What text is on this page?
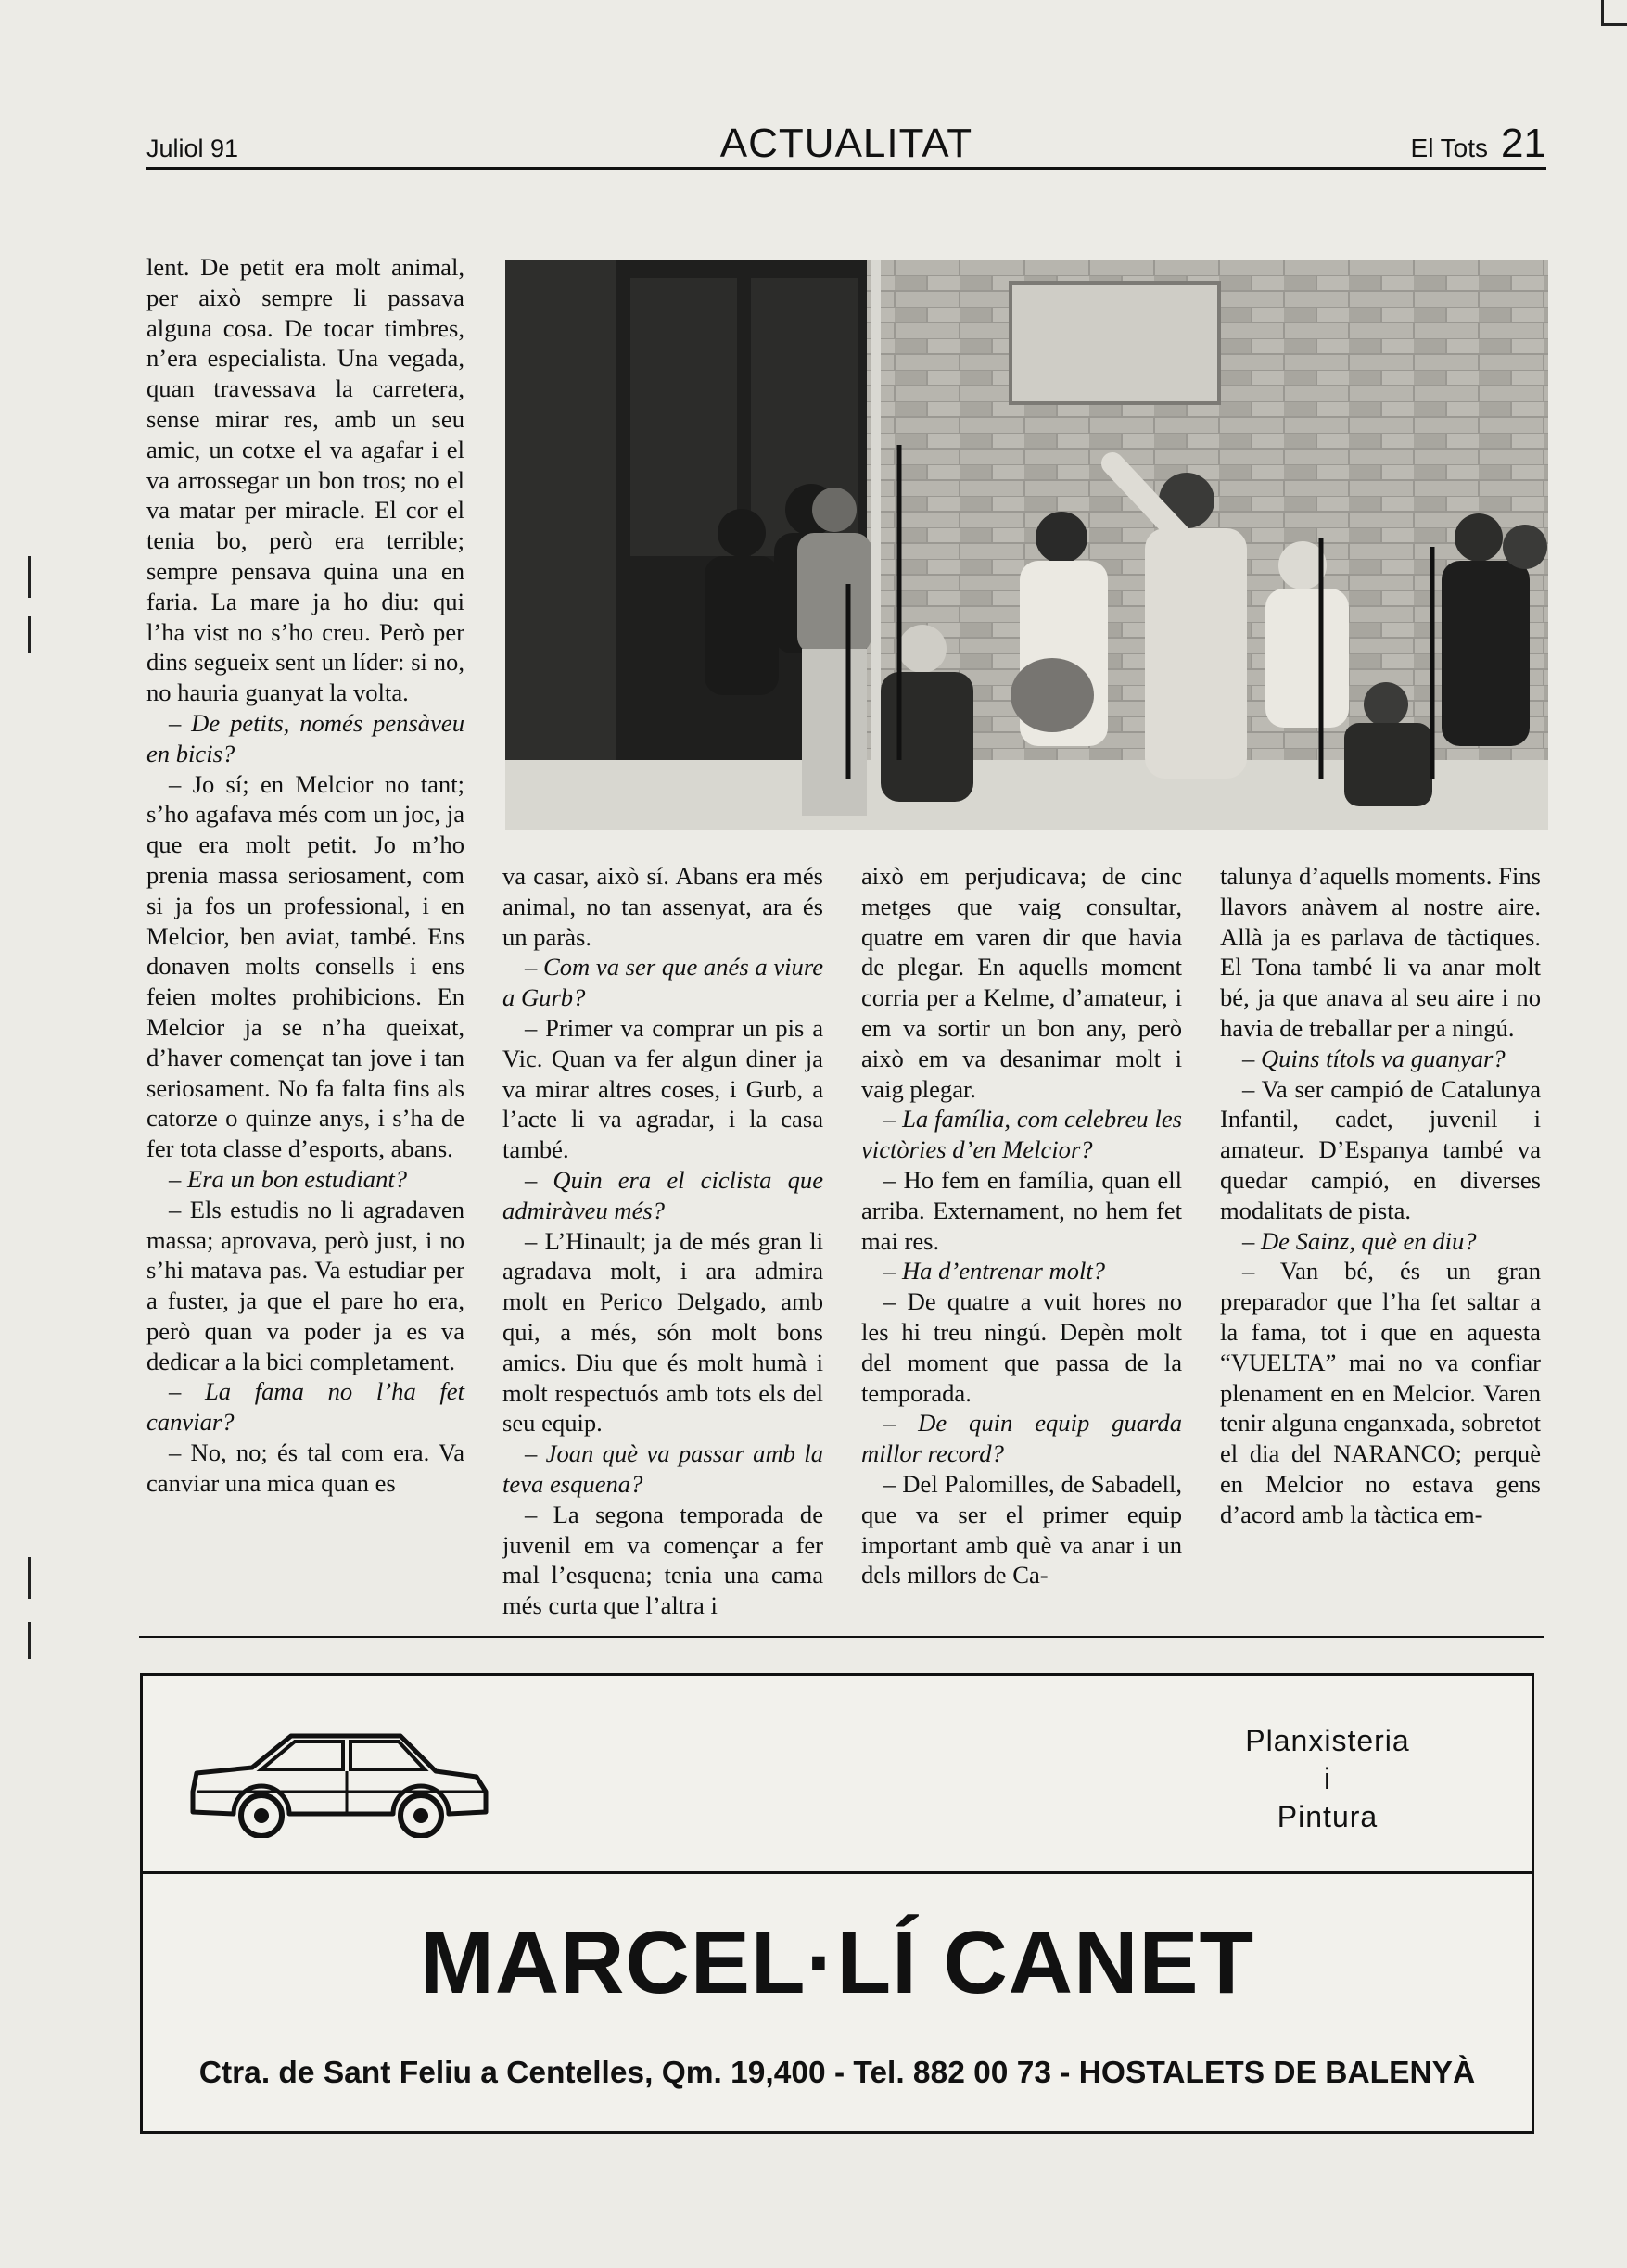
Juliol 91	ACTUALITAT	El Tots 21

lent. De petit era molt animal, per això sempre li passava alguna cosa. De tocar timbres, n’era especialista. Una vegada, quan travessava la carretera, sense mirar res, amb un seu amic, un cotxe el va agafar i el va arrossegar un bon tros; no el va matar per miracle. El cor el tenia bo, però era terrible; sempre pensava quina una en faria. La mare ja ho diu: qui l’ha vist no s’ho creu. Però per dins segueix sent un líder: si no, no hauria guanyat la volta.

– De petits, només pensàveu en bicis?

– Jo sí; en Melcior no tant; s’ho agafava més com un joc, ja que era molt petit. Jo m’ho prenia massa seriosament, com si ja fos un professional, i en Melcior, ben aviat, també. Ens donaven molts consells i ens feien moltes prohibicions. En Melcior ja se n’ha queixat, d’haver començat tan jove i tan seriosament. No fa falta fins als catorze o quinze anys, i s’ha de fer tota classe d’esports, abans.

– Era un bon estudiant?

– Els estudis no li agradaven massa; aprovava, però just, i no s’hi matava pas. Va estudiar per a fuster, ja que el pare ho era, però quan va poder ja es va dedicar a la bici completament.

– La fama no l’ha fet canviar?

– No, no; és tal com era. Va canviar una mica quan es

va casar, això sí. Abans era més animal, no tan assenyat, ara és un paràs.

– Com va ser que anés a viure a Gurb?

– Primer va comprar un pis a Vic. Quan va fer algun diner ja va mirar altres coses, i Gurb, a l’acte li va agradar, i la casa també.

– Quin era el ciclista que admiràveu més?

– L’Hinault; ja de més gran li agradava molt, i ara admira molt en Perico Delgado, amb qui, a més, són molt bons amics. Diu que és molt humà i molt respectuós amb tots els del seu equip.

– Joan què va passar amb la teva esquena?

– La segona temporada de juvenil em va començar a fer mal l’esquena; tenia una cama més curta que l’altra i

això em perjudicava; de cinc metges que vaig consultar, quatre em varen dir que havia de plegar. En aquells moment corria per a Kelme, d’amateur, i em va sortir un bon any, però això em va desanimar molt i vaig plegar.

– La família, com celebreu les victòries d’en Melcior?

– Ho fem en família, quan ell arriba. Externament, no hem fet mai res.

– Ha d’entrenar molt?

– De quatre a vuit hores no les hi treu ningú. Depèn molt del moment que passa de la temporada.

– De quin equip guarda millor record?

– Del Palomilles, de Sabadell, que va ser el primer equip important amb què va anar i un dels millors de Ca-

talunya d’aquells moments. Fins llavors anàvem al nostre aire. Allà ja es parlava de tàctiques. El Tona també li va anar molt bé, ja que anava al seu aire i no havia de treballar per a ningú.

– Quins títols va guanyar?

– Va ser campió de Catalunya Infantil, cadet, juvenil i amateur. D’Espanya també va quedar campió, en diverses modalitats de pista.

– De Sainz, què en diu?

– Van bé, és un gran preparador que l’ha fet saltar a la fama, tot i que en aquesta “VUELTA” mai no va confiar plenament en en Melcior. Varen tenir alguna enganxada, sobretot el dia del NARANCO; perquè en Melcior no estava gens d’acord amb la tàctica em-

Planxisteria
i
Pintura
MARCEL·LÍ CANET
Ctra. de Sant Feliu a Centelles, Qm. 19,400 - Tel. 882 00 73 - HOSTALETS DE BALENYÀ
